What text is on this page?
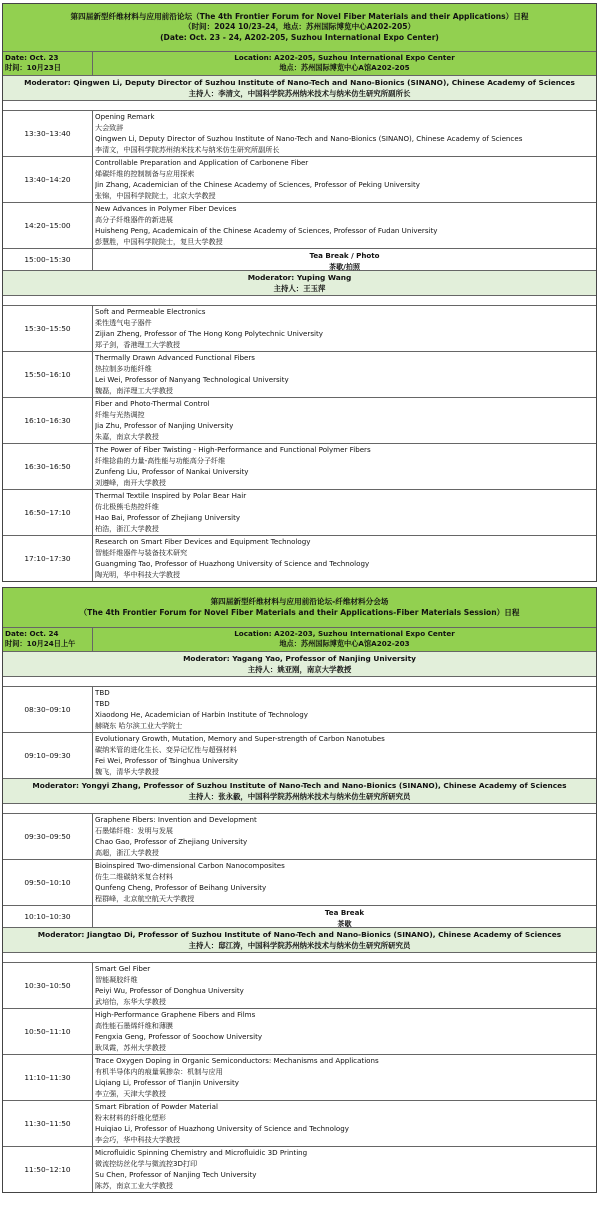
第四届新型纤维材料与应用前沿论坛（The 4th Frontier Forum for Novel Fiber Materials and their Applications）日程
（时间：2024 10/23-24，地点：苏州国际博览中心A202-205）
(Date: Oct. 23 - 24, A202-205, Suzhou International Expo Center)
Date: Oct. 23
时间：10月23日
Location: A202-205, Suzhou International Expo Center
地点：苏州国际博览中心A馆A202-205
Moderator: Qingwen Li, Deputy Director of Suzhou Institute of Nano-Tech and Nano-Bionics (SINANO), Chinese Academy of Sciences
主持人：李清文，中国科学院苏州纳米技术与纳米仿生研究所副所长
13:30–13:40
Opening Remark
大会致辞
Qingwen Li, Deputy Director of Suzhou Institute of Nano-Tech and Nano-Bionics (SINANO), Chinese Academy of Sciences
李清文，中国科学院苏州纳米技术与纳米仿生研究所副所长
13:40–14:20
Controllable Preparation and Application of Carbonene Fiber
烯碳纤维的控制制备与应用探索
Jin Zhang, Academician of the Chinese Academy of Sciences, Professor of Peking University
张锦，中国科学院院士，北京大学教授
14:20–15:00
New Advances in Polymer Fiber Devices
高分子纤维器件的新进展
Huisheng Peng, Academicain of the Chinese Academy of Sciences, Professor of Fudan University
彭慧胜，中国科学院院士，复旦大学教授
15:00–15:30	Tea Break / Photo
茶歇/拍照
Moderator: Yuping Wang
主持人：王玉萍
15:30–15:50
Soft and Permeable Electronics
柔性透气电子器件
Zijian Zheng, Professor of The Hong Kong Polytechnic University
郑子剑，香港理工大学教授
15:50–16:10
Thermally Drawn Advanced Functional Fibers
热拉制多功能纤维
Lei Wei, Professor of Nanyang Technological University
魏磊，南洋理工大学教授
16:10–16:30
Fiber and Photo-Thermal Control
纤维与光热调控
Jia Zhu, Professor of Nanjing University
朱嘉，南京大学教授
16:30–16:50
The Power of Fiber Twisting - High-Performance and Functional Polymer Fibers
纤维捻曲的力量-高性能与功能高分子纤维
Zunfeng Liu, Professor of Nankai University
刘遵峰，南开大学教授
16:50–17:10
Thermal Textile Inspired by Polar Bear Hair
仿北极熊毛热控纤维
Hao Bai, Professor of Zhejiang University
柏浩，浙江大学教授
17:10–17:30
Research on Smart Fiber Devices and Equipment Technology
智能纤维器件与装备技术研究
Guangming Tao, Professor of Huazhong University of Science and Technology
陶光明，华中科技大学教授
第四届新型纤维材料与应用前沿论坛-纤维材料分会场
（The 4th Frontier Forum for Novel Fiber Materials and their Applications-Fiber Materials Session）日程
Date: Oct. 24
时间：10月24日上午
Location: A202-203, Suzhou International Expo Center
地点：苏州国际博览中心A馆A202-203
Moderator: Yagang Yao, Professor of Nanjing University
主持人：姚亚刚，南京大学教授
08:30–09:10
TBD
TBD
Xiaodong He, Academician of Harbin Institute of Technology
赫晓东 哈尔滨工业大学院士
09:10–09:30
Evolutionary Growth, Mutation, Memory and Super-strength of Carbon Nanotubes
碳纳米管的进化生长、变异记忆性与超强材料
Fei Wei, Professor of Tsinghua University
魏飞，清华大学教授
Moderator: Yongyi Zhang, Professor of Suzhou Institute of Nano-Tech and Nano-Bionics (SINANO), Chinese Academy of Sciences
主持人：张永毅，中国科学院苏州纳米技术与纳米仿生研究所研究员
09:30–09:50
Graphene Fibers: Invention and Development
石墨烯纤维：发明与发展
Chao Gao, Professor of Zhejiang University
高超，浙江大学教授
09:50–10:10
Bioinspired Two-dimensional Carbon Nanocomposites
仿生二维碳纳米复合材料
Qunfeng Cheng, Professor of Beihang University
程群峰，北京航空航天大学教授
10:10–10:30	Tea Break
茶歇
Moderator: Jiangtao Di, Professor of Suzhou Institute of Nano-Tech and Nano-Bionics (SINANO), Chinese Academy of Sciences
主持人：邸江涛，中国科学院苏州纳米技术与纳米仿生研究所研究员
10:30–10:50
Smart Gel Fiber
智能凝胶纤维
Peiyi Wu, Professor of Donghua University
武培怡，东华大学教授
10:50–11:10
High-Performance Graphene Fibers and Films
高性能石墨烯纤维和薄膜
Fengxia Geng, Professor of Soochow University
耿凤霞，苏州大学教授
11:10–11:30
Trace Oxygen Doping in Organic Semiconductors: Mechanisms and Applications
有机半导体内的痕量氧掺杂：机制与应用
Liqiang Li, Professor of Tianjin University
李立强，天津大学教授
11:30–11:50
Smart Fibration of Powder Material
粉末材料的纤维化塑形
Huiqiao Li, Professor of Huazhong University of Science and Technology
李会巧，华中科技大学教授
11:50–12:10
Microfluidic Spinning Chemistry and Microfluidic 3D Printing
微流控纺丝化学与微流控3D打印
Su Chen, Professor of Nanjing Tech University
陈苏，南京工业大学教授
